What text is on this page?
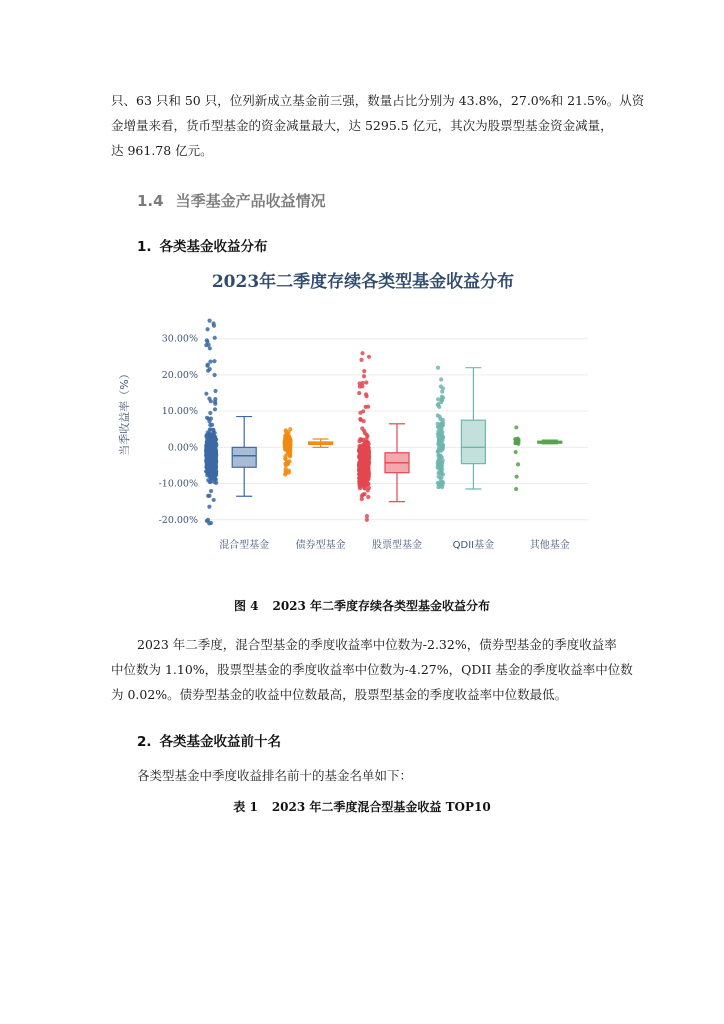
只、63 只和 50 只，位列新成立基金前三强，数量占比分别为 43.8%，27.0%和 21.5%。从资
金增量来看，货币型基金的资金减量最大，达 5295.5 亿元，其次为股票型基金资金减量，
达 961.78 亿元。

1.4 当季基金产品收益情况
1. 各类基金收益分布
2023年二季度存续各类型基金收益分布
-20.00%
-10.00%
0.00%
10.00%
20.00%
30.00%
当季收益率（%）
混合型基金	债券型基金	股票型基金	QDII基金	其他基金

图 4 2023 年二季度存续各类型基金收益分布

2023 年二季度，混合型基金的季度收益率中位数为-2.32%，债券型基金的季度收益率
中位数为 1.10%，股票型基金的季度收益率中位数为-4.27%，QDII 基金的季度收益率中位数
为 0.02%。债券型基金的收益中位数最高，股票型基金的季度收益率中位数最低。

2. 各类基金收益前十名

各类型基金中季度收益排名前十的基金名单如下：

表 1 2023 年二季度混合型基金收益 TOP10
